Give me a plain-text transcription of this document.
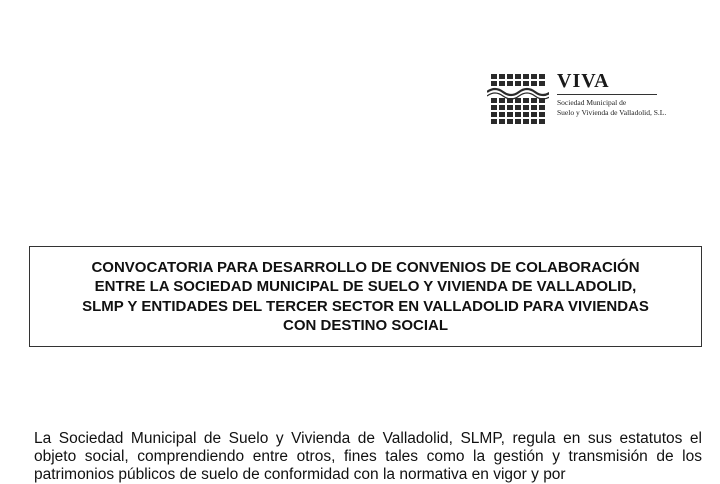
VIVA
Sociedad Municipal de
Suelo y Vivienda de Valladolid, S.L.
CONVOCATORIA PARA DESARROLLO DE CONVENIOS DE COLABORACIÓN
ENTRE LA SOCIEDAD MUNICIPAL DE SUELO Y VIVIENDA DE VALLADOLID,
SLMP Y ENTIDADES DEL TERCER SECTOR EN VALLADOLID PARA VIVIENDAS
CON DESTINO SOCIAL

La Sociedad Municipal de Suelo y Vivienda de Valladolid, SLMP, regula en sus estatutos el objeto social, comprendiendo entre otros, fines tales como la gestión y transmisión de los patrimonios públicos de suelo de conformidad con la normativa en vigor y por
